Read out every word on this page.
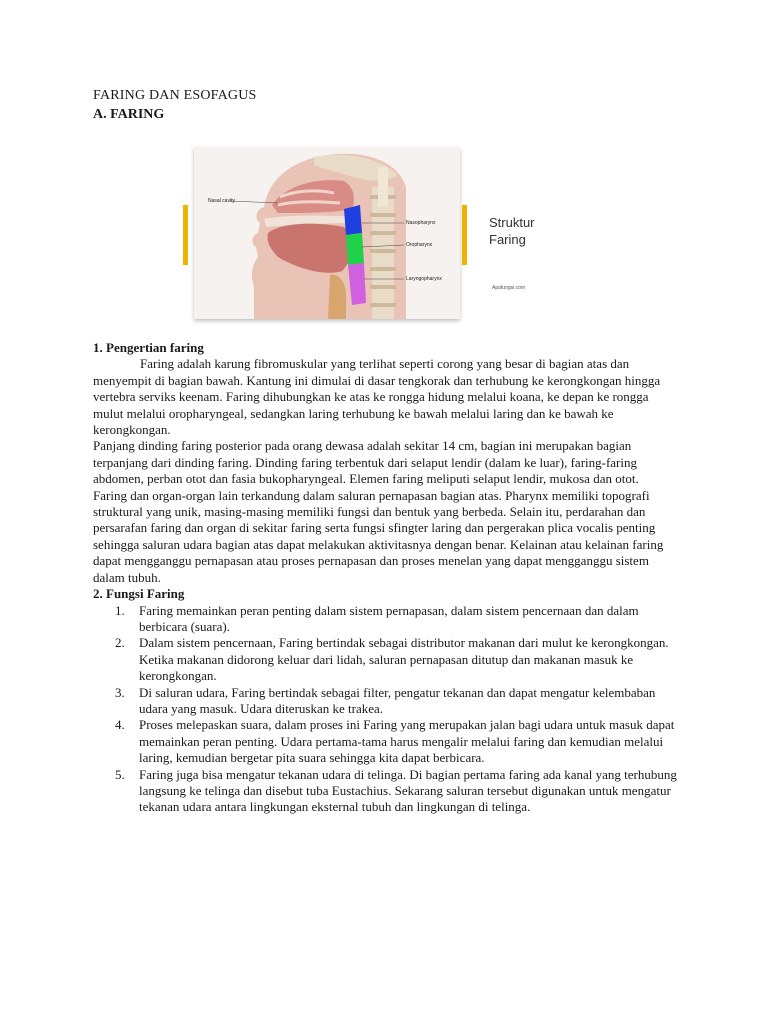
FARING DAN ESOFAGUS
A. FARING
Nasal cavity
Nasopharynx
Oropharynx
Laryngopharynx
Struktur
Faring
Apafungsi.com

1. Pengertian faring

Faring adalah karung fibromuskular yang terlihat seperti corong yang besar di bagian atas dan menyempit di bagian bawah. Kantung ini dimulai di dasar tengkorak dan terhubung ke kerongkongan hingga vertebra serviks keenam. Faring dihubungkan ke atas ke rongga hidung melalui koana, ke depan ke rongga mulut melalui oropharyngeal, sedangkan laring terhubung ke bawah melalui laring dan ke bawah ke kerongkongan.

Panjang dinding faring posterior pada orang dewasa adalah sekitar 14 cm, bagian ini merupakan bagian terpanjang dari dinding faring. Dinding faring terbentuk dari selaput lendir (dalam ke luar), faring-faring abdomen, perban otot dan fasia bukopharyngeal. Elemen faring meliputi selaput lendir, mukosa dan otot.

Faring dan organ-organ lain terkandung dalam saluran pernapasan bagian atas. Pharynx memiliki topografi struktural yang unik, masing-masing memiliki fungsi dan bentuk yang berbeda. Selain itu, perdarahan dan persarafan faring dan organ di sekitar faring serta fungsi sfingter laring dan pergerakan plica vocalis penting sehingga saluran udara bagian atas dapat melakukan aktivitasnya dengan benar. Kelainan atau kelainan faring dapat mengganggu pernapasan atau proses pernapasan dan proses menelan yang dapat mengganggu sistem dalam tubuh.

2. Fungsi Faring

1. Faring memainkan peran penting dalam sistem pernapasan, dalam sistem pencernaan dan dalam berbicara (suara).
2. Dalam sistem pencernaan, Faring bertindak sebagai distributor makanan dari mulut ke kerongkongan. Ketika makanan didorong keluar dari lidah, saluran pernapasan ditutup dan makanan masuk ke kerongkongan.
3. Di saluran udara, Faring bertindak sebagai filter, pengatur tekanan dan dapat mengatur kelembaban udara yang masuk. Udara diteruskan ke trakea.
4. Proses melepaskan suara, dalam proses ini Faring yang merupakan jalan bagi udara untuk masuk dapat memainkan peran penting. Udara pertama-tama harus mengalir melalui faring dan kemudian melalui laring, kemudian bergetar pita suara sehingga kita dapat berbicara.
5. Faring juga bisa mengatur tekanan udara di telinga. Di bagian pertama faring ada kanal yang terhubung langsung ke telinga dan disebut tuba Eustachius. Sekarang saluran tersebut digunakan untuk mengatur tekanan udara antara lingkungan eksternal tubuh dan lingkungan di telinga.
